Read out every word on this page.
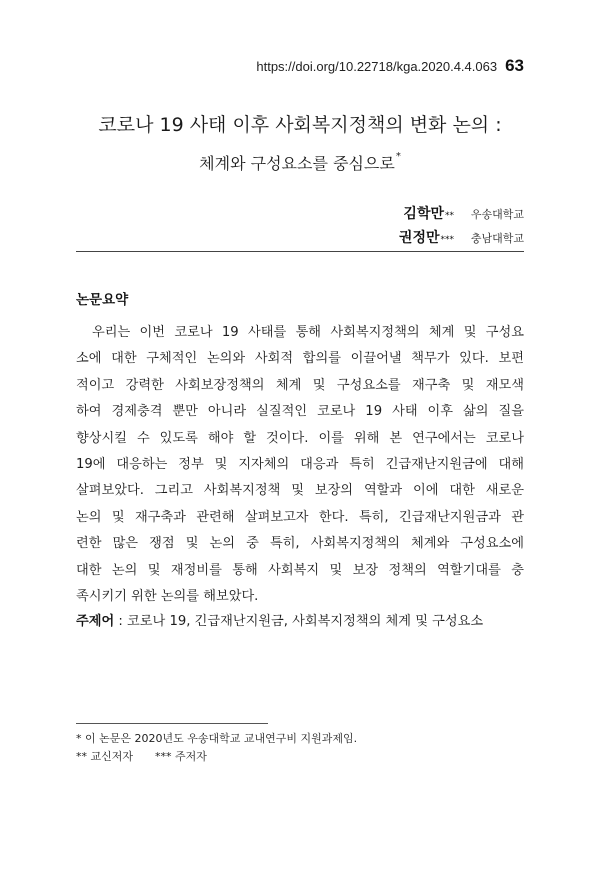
https://doi.org/10.22718/kga.2020.4.4.063 63
코로나 19 사태 이후 사회복지정책의 변화 논의 :
체계와 구성요소를 중심으로*
김학만 **	우송대학교
권정만 ***	충남대학교
논문요약
우리는 이번 코로나 19 사태를 통해 사회복지정책의 체계 및 구성요
소에 대한 구체적인 논의와 사회적 합의를 이끌어낼 책무가 있다. 보편
적이고 강력한 사회보장정책의 체계 및 구성요소를 재구축 및 재모색
하여 경제충격 뿐만 아니라 실질적인 코로나 19 사태 이후 삶의 질을
향상시킬 수 있도록 해야 할 것이다. 이를 위해 본 연구에서는 코로나
19에 대응하는 정부 및 지자체의 대응과 특히 긴급재난지원금에 대해
살펴보았다. 그리고 사회복지정책 및 보장의 역할과 이에 대한 새로운
논의 및 재구축과 관련해 살펴보고자 한다. 특히, 긴급재난지원금과 관
련한 많은 쟁점 및 논의 중 특히, 사회복지정책의 체계와 구성요소에
대한 논의 및 재정비를 통해 사회복지 및 보장 정책의 역할기대를 충
족시키기 위한 논의를 해보았다.
주제어 : 코로나 19, 긴급재난지원금, 사회복지정책의 체계 및 구성요소
* 이 논문은 2020년도 우송대학교 교내연구비 지원과제임.
** 교신저자 *** 주저자
